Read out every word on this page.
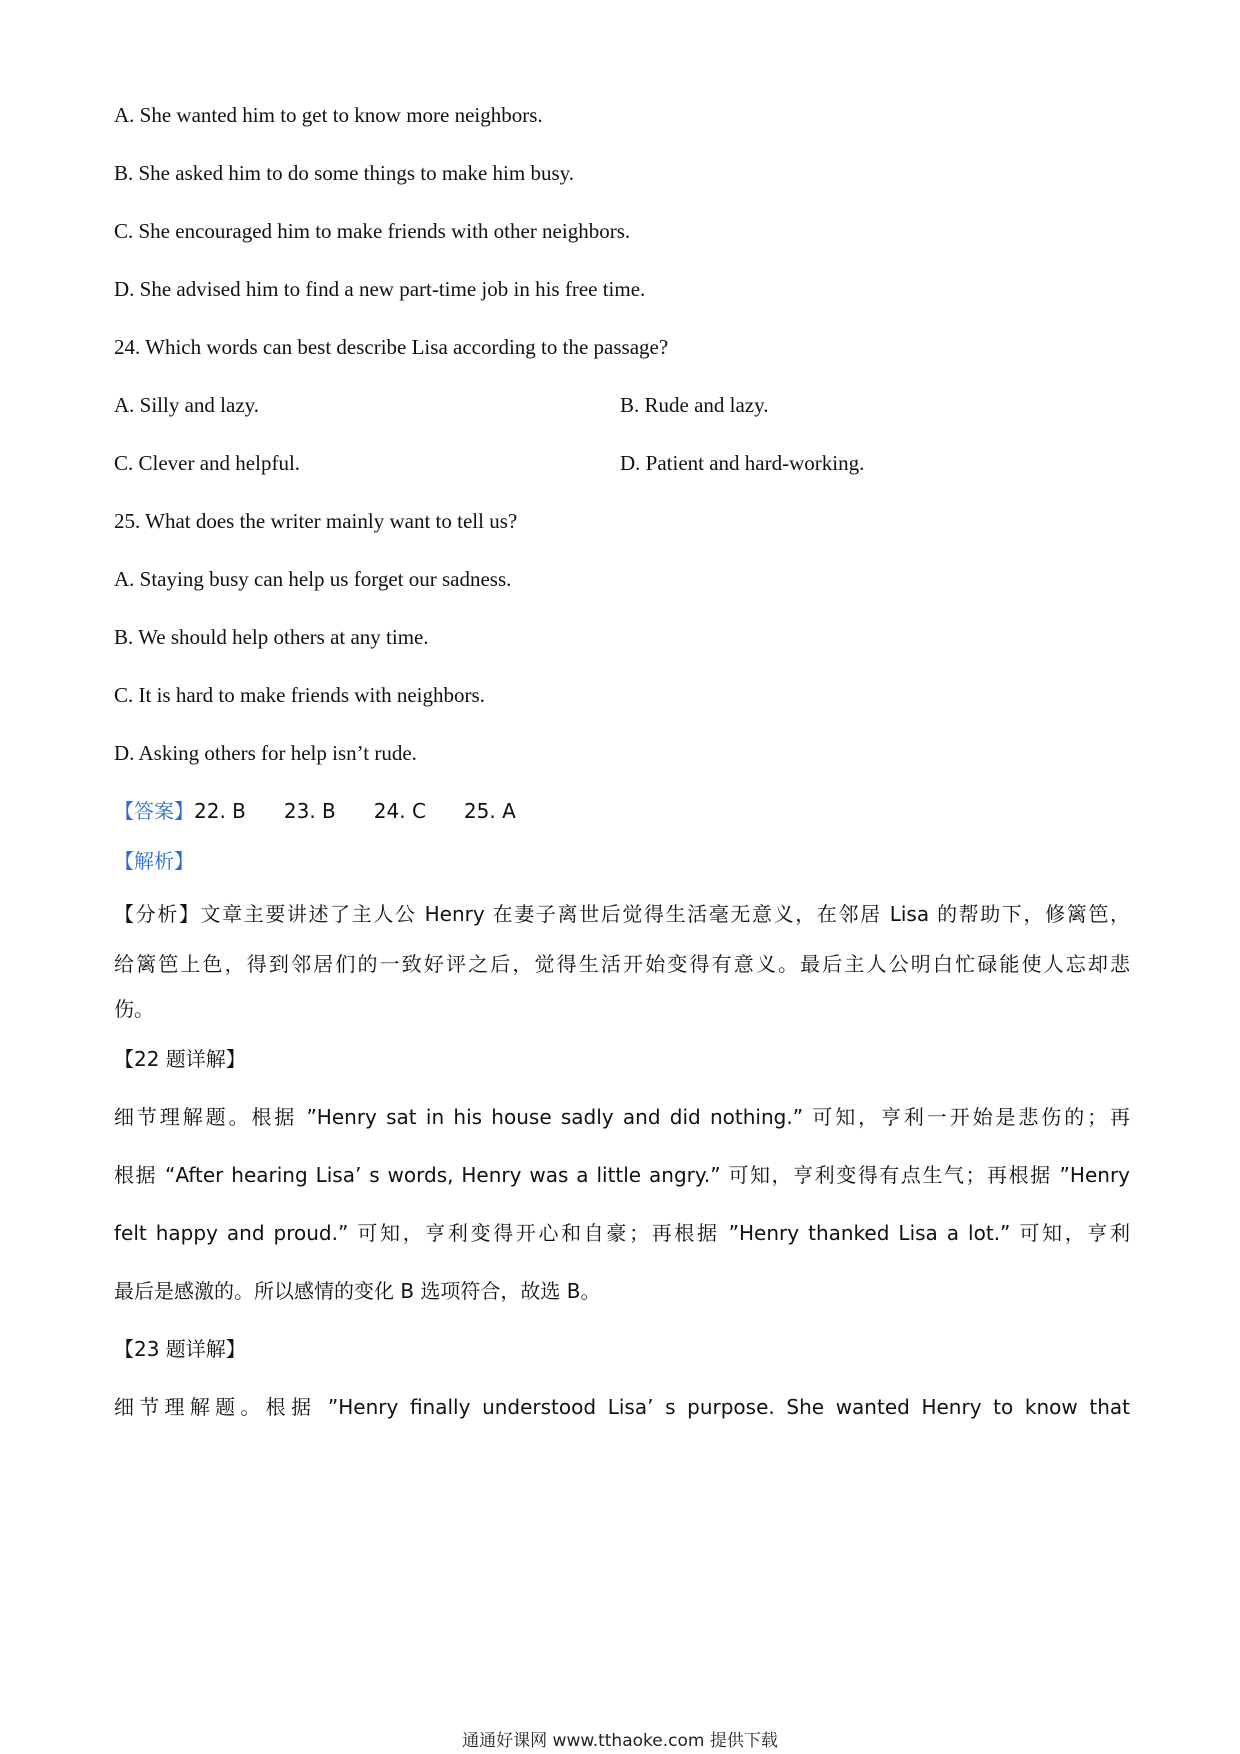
A. She wanted him to get to know more neighbors.
B. She asked him to do some things to make him busy.
C. She encouraged him to make friends with other neighbors.
D. She advised him to find a new part-time job in his free time.
24. Which words can best describe Lisa according to the passage?
A. Silly and lazy.	B. Rude and lazy.
C. Clever and helpful.	D. Patient and hard-working.
25. What does the writer mainly want to tell us?
A. Staying busy can help us forget our sadness.
B. We should help others at any time.
C. It is hard to make friends with neighbors.
D. Asking others for help isn’t rude.
【答案】22. B 23. B 24. C 25. A
【解析】
【分析】文章主要讲述了主人公 Henry 在妻子离世后觉得生活毫无意义，在邻居 Lisa 的帮助下，修篱笆，
给篱笆上色，得到邻居们的一致好评之后，觉得生活开始变得有意义。最后主人公明白忙碌能使人忘却悲
伤。
【22 题详解】
细节理解题。根据 ”Henry sat in his house sadly and did nothing.” 可知，亨利一开始是悲伤的；再
根据 “After hearing Lisa’ s words, Henry was a little angry.” 可知，亨利变得有点生气；再根据 ”Henry
felt happy and proud.” 可知，亨利变得开心和自豪；再根据 ”Henry thanked Lisa a lot.” 可知，亨利
最后是感激的。所以感情的变化 B 选项符合，故选 B。
【23 题详解】
细节理解题。根据 ”Henry finally understood Lisa’ s purpose. She wanted Henry to know that
通通好课网 www.tthaoke.com 提供下载
